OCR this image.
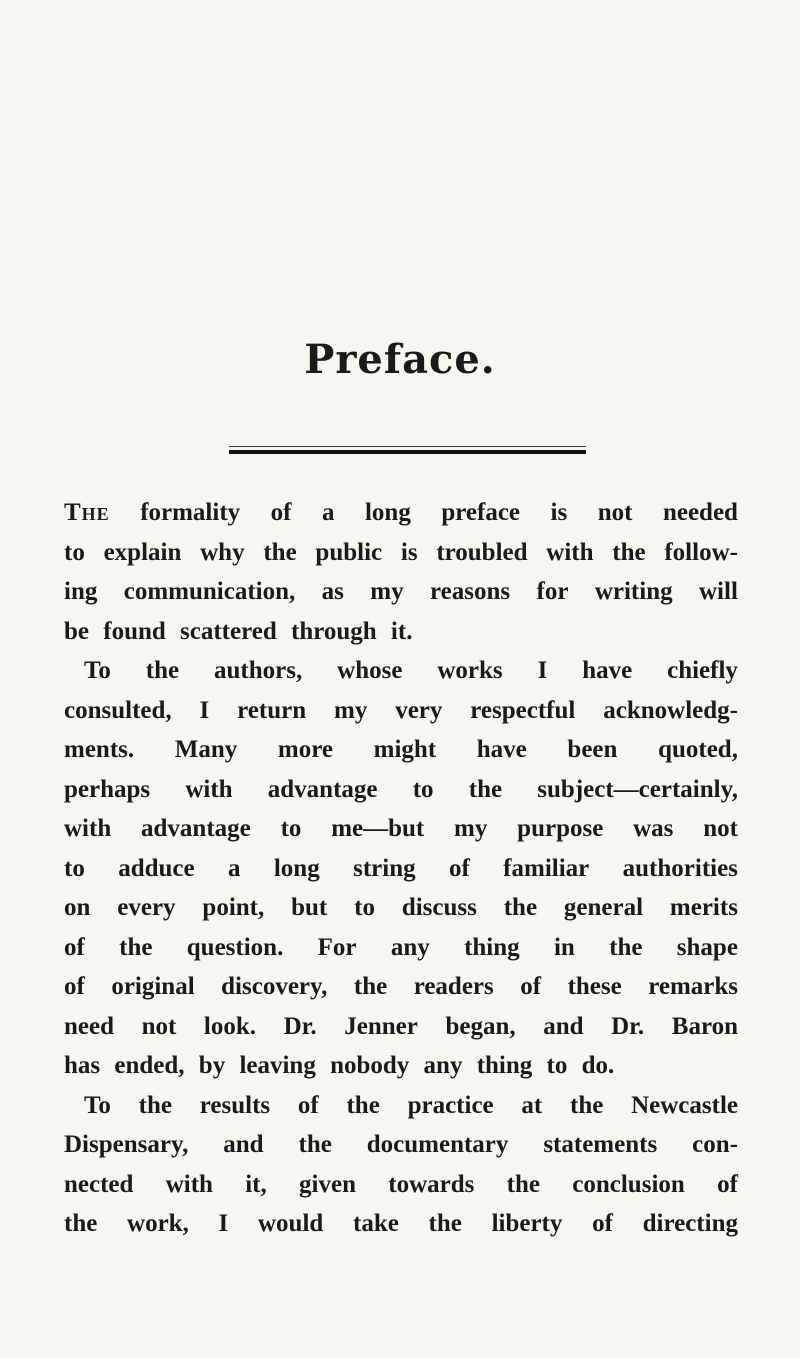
Preface.
The formality of a long preface is not needed
to explain why the public is troubled with the follow-
ing communication, as my reasons for writing will
be found scattered through it.
To the authors, whose works I have chiefly
consulted, I return my very respectful acknowledg-
ments. Many more might have been quoted,
perhaps with advantage to the subject—certainly,
with advantage to me—but my purpose was not
to adduce a long string of familiar authorities
on every point, but to discuss the general merits
of the question. For any thing in the shape
of original discovery, the readers of these remarks
need not look. Dr. Jenner began, and Dr. Baron
has ended, by leaving nobody any thing to do.
To the results of the practice at the Newcastle
Dispensary, and the documentary statements con-
nected with it, given towards the conclusion of
the work, I would take the liberty of directing
